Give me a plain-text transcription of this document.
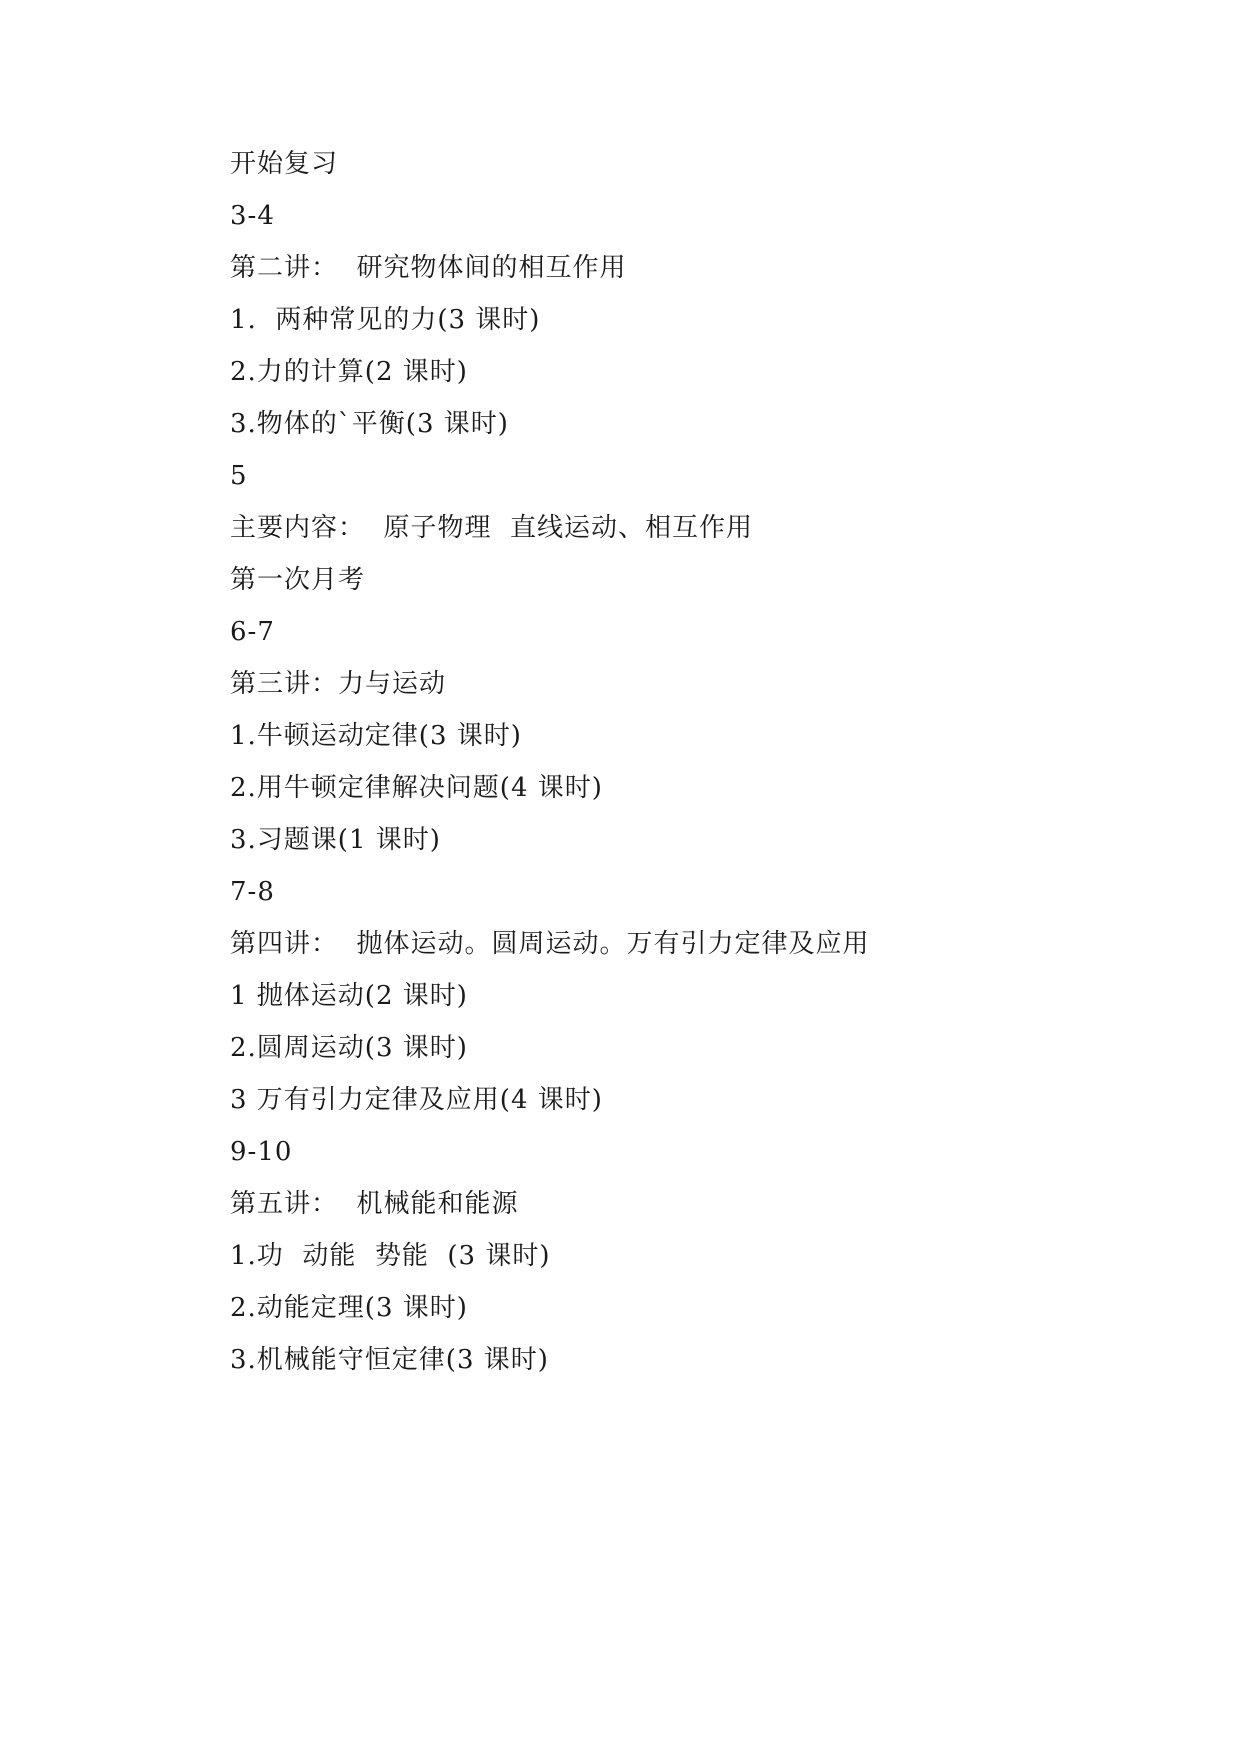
开始复习
3-4
第二讲：  研究物体间的相互作用
1.  两种常见的力(3 课时)
2.力的计算(2 课时)
3.物体的`平衡(3 课时)
5
主要内容：  原子物理  直线运动、相互作用
第一次月考
6-7
第三讲：力与运动
1.牛顿运动定律(3 课时)
2.用牛顿定律解决问题(4 课时)
3.习题课(1 课时)
7-8
第四讲：  抛体运动。圆周运动。万有引力定律及应用
1 抛体运动(2 课时)
2.圆周运动(3 课时)
3 万有引力定律及应用(4 课时)
9-10
第五讲：  机械能和能源
1.功  动能  势能  (3 课时)
2.动能定理(3 课时)
3.机械能守恒定律(3 课时)
